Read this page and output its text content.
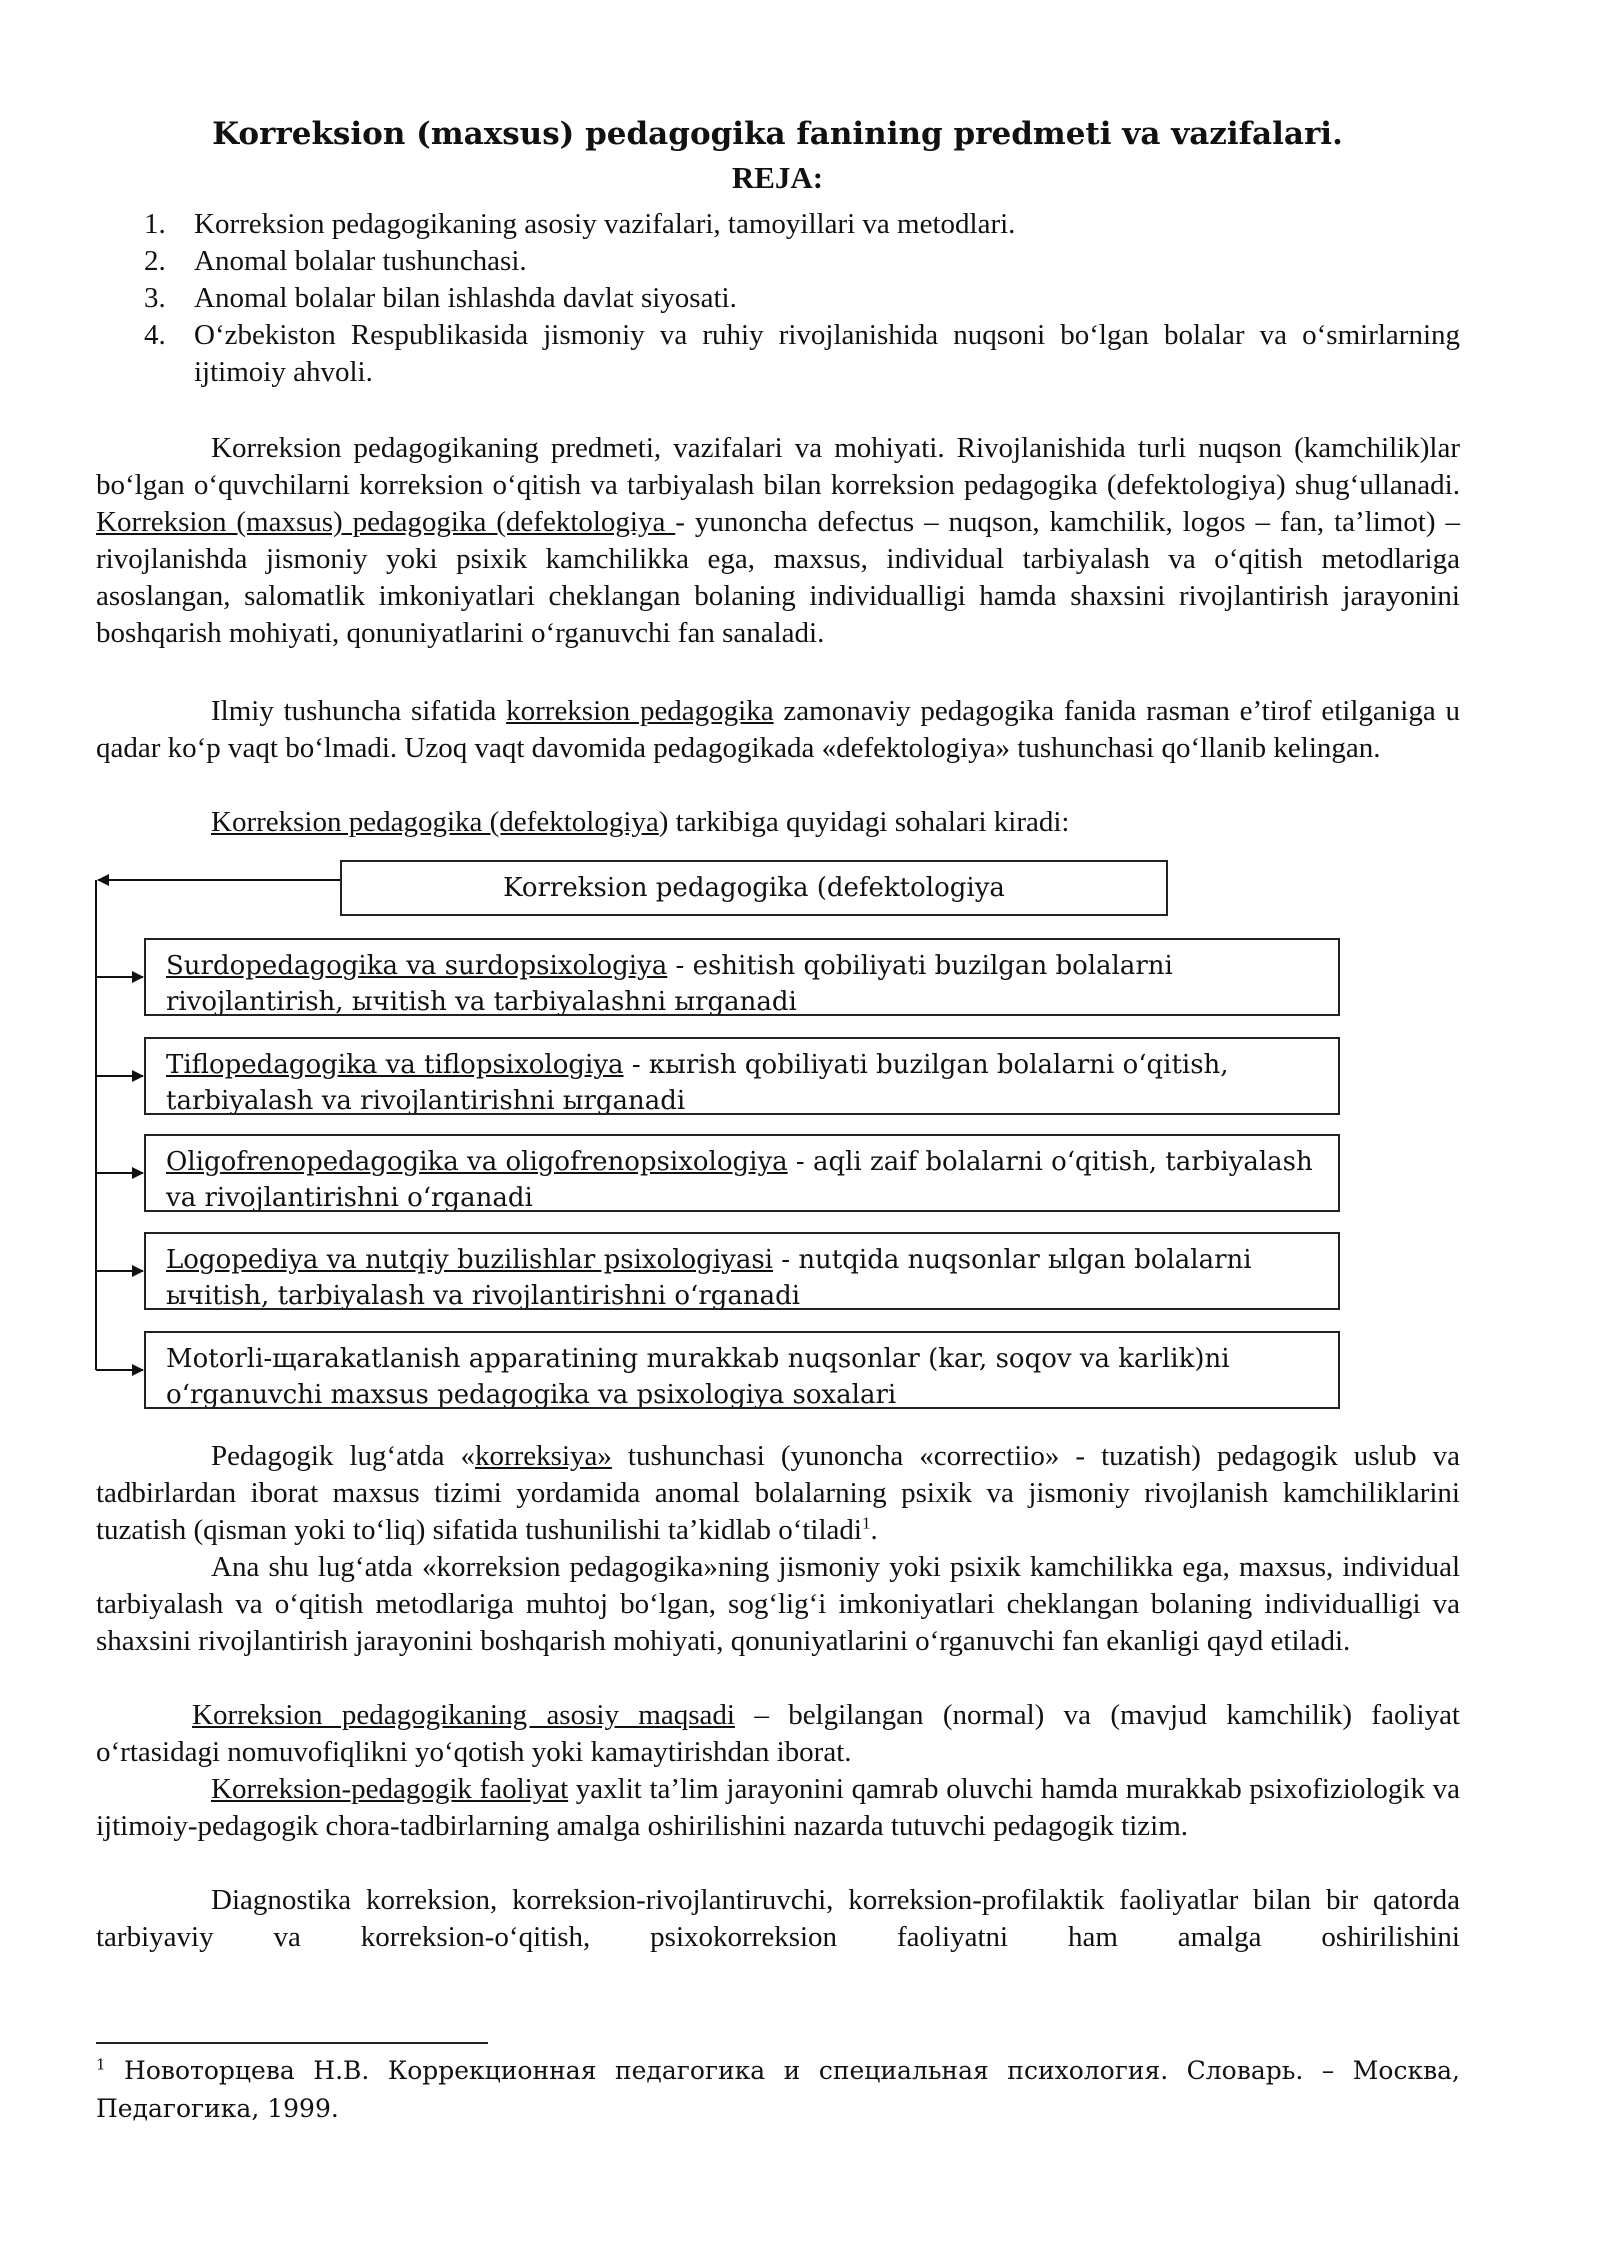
Korreksion (maxsus) pedagogika fanining predmeti va vazifalari.
REJA:
1. Korreksion pedagogikaning asosiy vazifalari, tamoyillari va metodlari.
2. Anomal bolalar tushunchasi.
3. Anomal bolalar bilan ishlashda davlat siyosati.
4. O‘zbekiston Respublikasida jismoniy va ruhiy rivojlanishida nuqsoni bo‘lgan bolalar va o‘smirlarning ijtimoiy ahvoli.
Korreksion pedagogikaning predmeti, vazifalari va mohiyati. Rivojlanishida turli nuqson (kamchilik)lar bo‘lgan o‘quvchilarni korreksion o‘qitish va tarbiyalash bilan korreksion pedagogika (defektologiya) shug‘ullanadi. Korreksion (maxsus) pedagogika (defektologiya - yunoncha defectus – nuqson, kamchilik, logos – fan, ta’limot) – rivojlanishda jismoniy yoki psixik kamchilikka ega, maxsus, individual tarbiyalash va o‘qitish metodlariga asoslangan, salomatlik imkoniyatlari cheklangan bolaning individualligi hamda shaxsini rivojlantirish jarayonini boshqarish mohiyati, qonuniyatlarini o‘rganuvchi fan sanaladi.
Ilmiy tushuncha sifatida korreksion pedagogika zamonaviy pedagogika fanida rasman e’tirof etilganiga u qadar ko‘p vaqt bo‘lmadi. Uzoq vaqt davomida pedagogikada «defektologiya» tushunchasi qo‘llanib kelingan.
Korreksion pedagogika (defektologiya) tarkibiga quyidagi sohalari kiradi:
Korreksion pedagogika (defektologiya
Surdopedagogika va surdopsixologiya - eshitish qobiliyati buzilgan bolalarni rivojlantirish, ычitish va tarbiyalashni ыrganadi
Tiflopedagogika va tiflopsixologiya - кыrish qobiliyati buzilgan bolalarni o‘qitish, tarbiyalash va rivojlantirishni ыrganadi
Oligofrenopedagogika va oligofrenopsixologiya - aqli zaif bolalarni o‘qitish, tarbiyalash va rivojlantirishni o‘rganadi
Logopediya va nutqiy buzilishlar psixologiyasi - nutqida nuqsonlar ыlgan bolalarni ычitish, tarbiyalash va rivojlantirishni o‘rganadi
Motorli-щarakatlanish apparatining murakkab nuqsonlar (kar, soqov va karlik)ni o‘rganuvchi maxsus pedagogika va psixologiya soxalari
Pedagogik lug‘atda «korreksiya» tushunchasi (yunoncha «correctiio» - tuzatish) pedagogik uslub va tadbirlardan iborat maxsus tizimi yordamida anomal bolalarning psixik va jismoniy rivojlanish kamchiliklarini tuzatish (qisman yoki to‘liq) sifatida tushunilishi ta’kidlab o‘tiladi$^1$.
Ana shu lug‘atda «korreksion pedagogika»ning jismoniy yoki psixik kamchilikka ega, maxsus, individual tarbiyalash va o‘qitish metodlariga muhtoj bo‘lgan, sog‘lig‘i imkoniyatlari cheklangan bolaning individualligi va shaxsini rivojlantirish jarayonini boshqarish mohiyati, qonuniyatlarini o‘rganuvchi fan ekanligi qayd etiladi.
Korreksion pedagogikaning asosiy maqsadi – belgilangan (normal) va (mavjud kamchilik) faoliyat o‘rtasidagi nomuvofiqlikni yo‘qotish yoki kamaytirishdan iborat.
Korreksion-pedagogik faoliyat yaxlit ta’lim jarayonini qamrab oluvchi hamda murakkab psixofiziologik va ijtimoiy-pedagogik chora-tadbirlarning amalga oshirilishini nazarda tutuvchi pedagogik tizim.
Diagnostika korreksion, korreksion-rivojlantiruvchi, korreksion-profilaktik faoliyatlar bilan bir qatorda tarbiyaviy va korreksion-o‘qitish, psixokorreksion faoliyatni ham amalga oshirilishini
$^1$ Новоторцева Н.В. Коррекционная педагогика и специальная психология. Словарь. – Москва, Педагогика, 1999.
